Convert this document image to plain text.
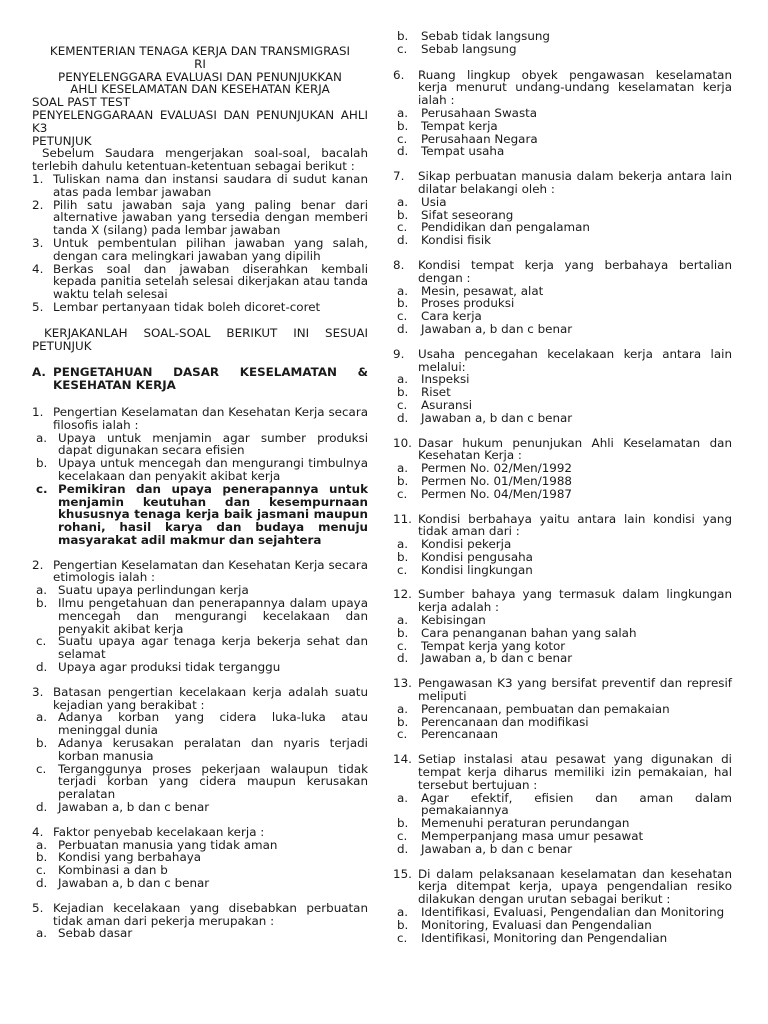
KEMENTERIAN TENAGA KERJA DAN TRANSMIGRASI
RI
PENYELENGGARA EVALUASI DAN PENUNJUKKAN
AHLI KESELAMATAN DAN KESEHATAN KERJA
SOAL PAST TEST
PENYELENGGARAAN EVALUASI DAN PENUNJUKAN AHLI K3
PETUNJUK
Sebelum Saudara mengerjakan soal-soal, bacalah terlebih dahulu ketentuan-ketentuan sebagai berikut :
1. Tuliskan nama dan instansi saudara di sudut kanan atas pada lembar jawaban
2. Pilih satu jawaban saja yang paling benar dari alternative jawaban yang tersedia dengan memberi tanda X (silang) pada lembar jawaban
3. Untuk pembentulan pilihan jawaban yang salah, dengan cara melingkari jawaban yang dipilih
4. Berkas soal dan jawaban diserahkan kembali kepada panitia setelah selesai dikerjakan atau tanda waktu telah selesai
5. Lembar pertanyaan tidak boleh dicoret-coret
KERJAKANLAH SOAL-SOAL BERIKUT INI SESUAI PETUNJUK
A. PENGETAHUAN DASAR KESELAMATAN & KESEHATAN KERJA
1. Pengertian Keselamatan dan Kesehatan Kerja secara filosofis ialah :
a. Upaya untuk menjamin agar sumber produksi dapat digunakan secara efisien
b. Upaya untuk mencegah dan mengurangi timbulnya kecelakaan dan penyakit akibat kerja
c. Pemikiran dan upaya penerapannya untuk menjamin keutuhan dan kesempurnaan khususnya tenaga kerja baik jasmani maupun rohani, hasil karya dan budaya menuju masyarakat adil makmur dan sejahtera
2. Pengertian Keselamatan dan Kesehatan Kerja secara etimologis ialah :
a. Suatu upaya perlindungan kerja
b. Ilmu pengetahuan dan penerapannya dalam upaya mencegah dan mengurangi kecelakaan dan penyakit akibat kerja
c. Suatu upaya agar tenaga kerja bekerja sehat dan selamat
d. Upaya agar produksi tidak terganggu
3. Batasan pengertian kecelakaan kerja adalah suatu kejadian yang berakibat :
a. Adanya korban yang cidera luka-luka atau meninggal dunia
b. Adanya kerusakan peralatan dan nyaris terjadi korban manusia
c. Terganggunya proses pekerjaan walaupun tidak terjadi korban yang cidera maupun kerusakan peralatan
d. Jawaban a, b dan c benar
4. Faktor penyebab kecelakaan kerja :
a. Perbuatan manusia yang tidak aman
b. Kondisi yang berbahaya
c. Kombinasi a dan b
d. Jawaban a, b dan c benar
5. Kejadian kecelakaan yang disebabkan perbuatan tidak aman dari pekerja merupakan :
a. Sebab dasar
b. Sebab tidak langsung
c. Sebab langsung
6. Ruang lingkup obyek pengawasan keselamatan kerja menurut undang-undang keselamatan kerja ialah :
a. Perusahaan Swasta
b. Tempat kerja
c. Perusahaan Negara
d. Tempat usaha
7. Sikap perbuatan manusia dalam bekerja antara lain dilatar belakangi oleh :
a. Usia
b. Sifat seseorang
c. Pendidikan dan pengalaman
d. Kondisi fisik
8. Kondisi tempat kerja yang berbahaya bertalian dengan :
a. Mesin, pesawat, alat
b. Proses produksi
c. Cara kerja
d. Jawaban a, b dan c benar
9. Usaha pencegahan kecelakaan kerja antara lain melalui:
a. Inspeksi
b. Riset
c. Asuransi
d. Jawaban a, b dan c benar
10. Dasar hukum penunjukan Ahli Keselamatan dan Kesehatan Kerja :
a. Permen No. 02/Men/1992
b. Permen No. 01/Men/1988
c. Permen No. 04/Men/1987
11. Kondisi berbahaya yaitu antara lain kondisi yang tidak aman dari :
a. Kondisi pekerja
b. Kondisi pengusaha
c. Kondisi lingkungan
12. Sumber bahaya yang termasuk dalam lingkungan kerja adalah :
a. Kebisingan
b. Cara penanganan bahan yang salah
c. Tempat kerja yang kotor
d. Jawaban a, b dan c benar
13. Pengawasan K3 yang bersifat preventif dan represif meliputi
a. Perencanaan, pembuatan dan pemakaian
b. Perencanaan dan modifikasi
c. Perencanaan
14. Setiap instalasi atau pesawat yang digunakan di tempat kerja diharus memiliki izin pemakaian, hal tersebut bertujuan :
a. Agar efektif, efisien dan aman dalam pemakaiannya
b. Memenuhi peraturan perundangan
c. Memperpanjang masa umur pesawat
d. Jawaban a, b dan c benar
15. Di dalam pelaksanaan keselamatan dan kesehatan kerja ditempat kerja, upaya pengendalian resiko dilakukan dengan urutan sebagai berikut :
a. Identifikasi, Evaluasi, Pengendalian dan Monitoring
b. Monitoring, Evaluasi dan Pengendalian
c. Identifikasi, Monitoring dan Pengendalian
